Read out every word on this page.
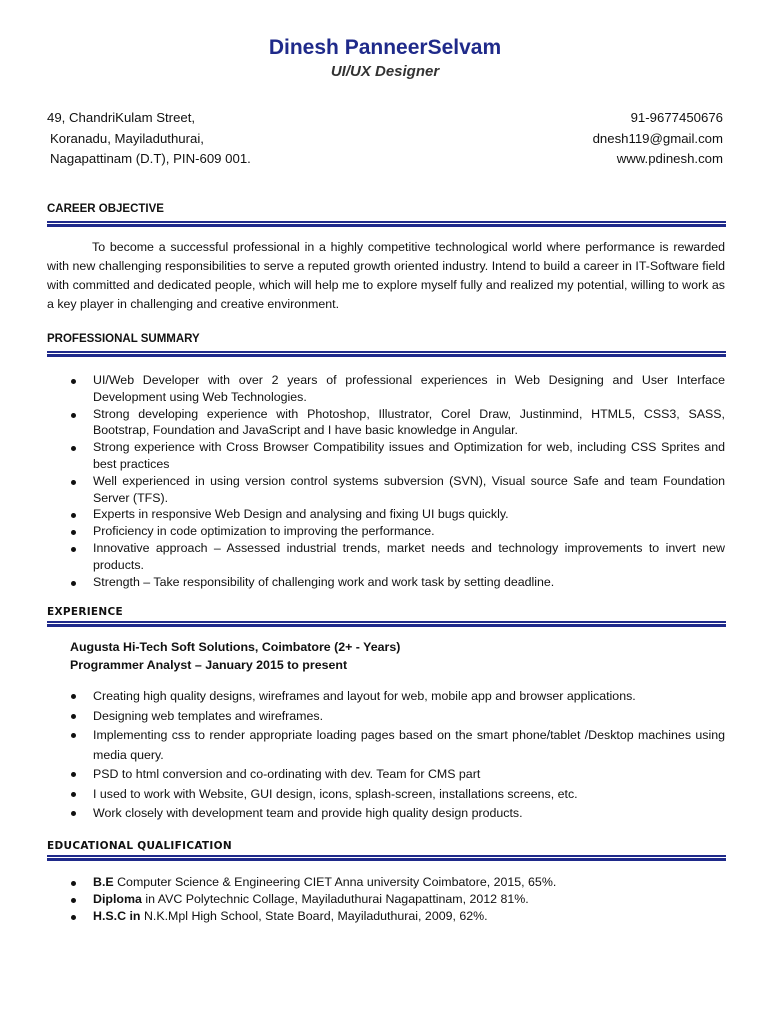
Dinesh PanneerSelvam
UI/UX Designer
49, ChandriKulam Street,
Koranadu, Mayiladuthurai,
Nagapattinam (D.T), PIN-609 001.
91-9677450676
dnesh119@gmail.com
www.pdinesh.com
CAREER OBJECTIVE
To become a successful professional in a highly competitive technological world where performance is rewarded with new challenging responsibilities to serve a reputed growth oriented industry. Intend to build a career in IT-Software field with committed and dedicated people, which will help me to explore myself fully and realized my potential, willing to work as a key player in challenging and creative environment.
PROFESSIONAL SUMMARY
UI/Web Developer with over 2 years of professional experiences in Web Designing and User Interface Development using Web Technologies.
Strong developing experience with Photoshop, Illustrator, Corel Draw, Justinmind, HTML5, CSS3, SASS, Bootstrap, Foundation and JavaScript and I have basic knowledge in Angular.
Strong experience with Cross Browser Compatibility issues and Optimization for web, including CSS Sprites and best practices
Well experienced in using version control systems subversion (SVN), Visual source Safe and team Foundation Server (TFS).
Experts in responsive Web Design and analysing and fixing UI bugs quickly.
Proficiency in code optimization to improving the performance.
Innovative approach – Assessed industrial trends, market needs and technology improvements to invert new products.
Strength – Take responsibility of challenging work and work task by setting deadline.
EXPERIENCE
Augusta Hi-Tech Soft Solutions, Coimbatore (2+ - Years)
Programmer Analyst – January 2015 to present
Creating high quality designs, wireframes and layout for web, mobile app and browser applications.
Designing web templates and wireframes.
Implementing css to render appropriate loading pages based on the smart phone/tablet /Desktop machines using media query.
PSD to html conversion and co-ordinating with dev. Team for CMS part
I used to work with Website, GUI design, icons, splash-screen, installations screens, etc.
Work closely with development team and provide high quality design products.
EDUCATIONAL QUALIFICATION
B.E Computer Science & Engineering CIET Anna university Coimbatore, 2015, 65%.
Diploma in AVC Polytechnic Collage, Mayiladuthurai Nagapattinam, 2012 81%.
H.S.C in N.K.Mpl High School, State Board, Mayiladuthurai, 2009, 62%.
